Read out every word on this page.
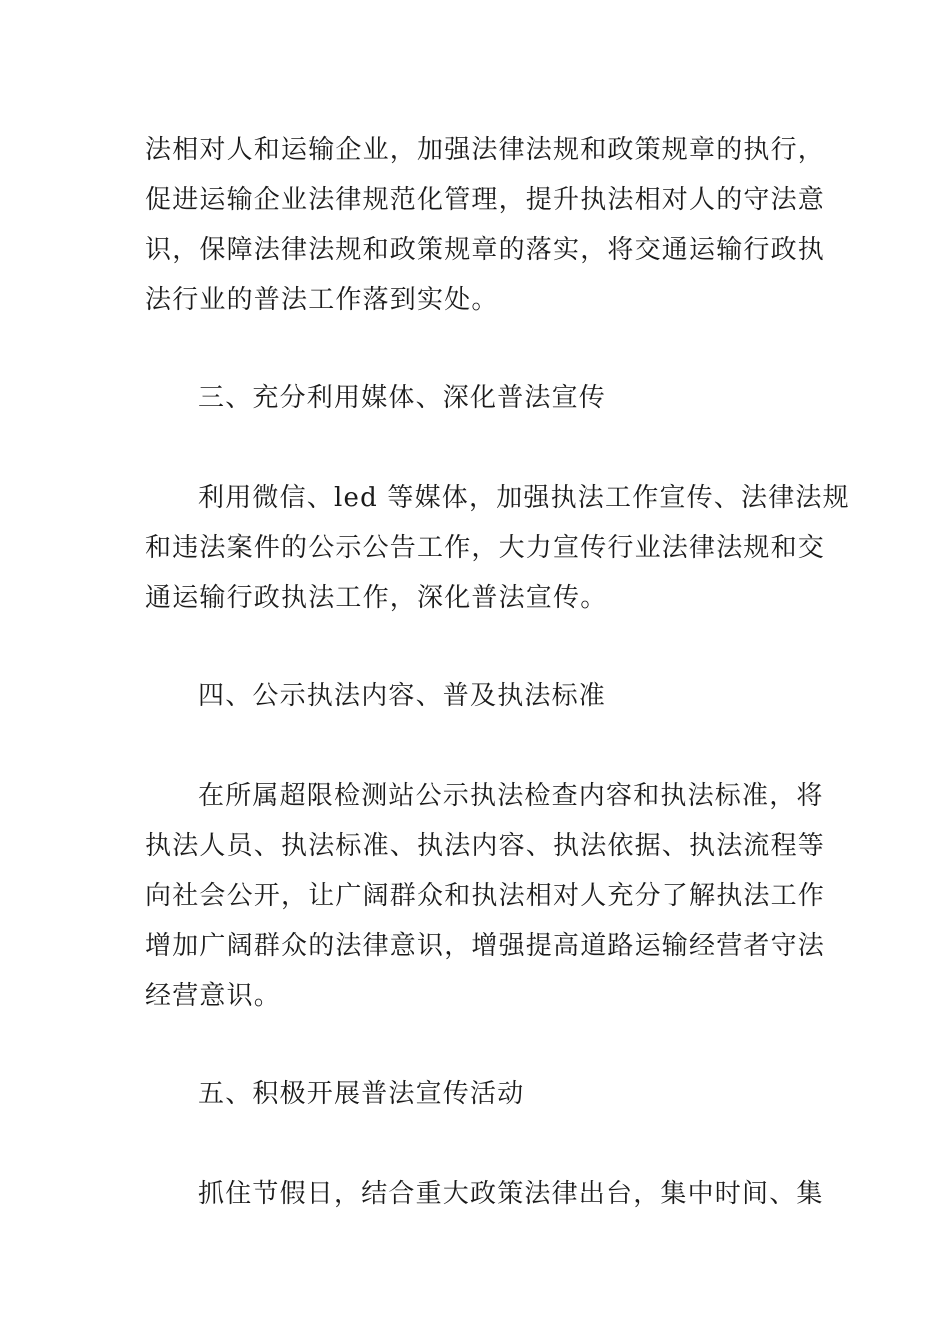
法相对人和运输企业，加强法律法规和政策规章的执行，
促进运输企业法律规范化管理，提升执法相对人的守法意
识，保障法律法规和政策规章的落实，将交通运输行政执
法行业的普法工作落到实处。
三、充分利用媒体、深化普法宣传
利用微信、led 等媒体，加强执法工作宣传、法律法规
和违法案件的公示公告工作，大力宣传行业法律法规和交
通运输行政执法工作，深化普法宣传。
四、公示执法内容、普及执法标准
在所属超限检测站公示执法检查内容和执法标准，将
执法人员、执法标准、执法内容、执法依据、执法流程等
向社会公开，让广阔群众和执法相对人充分了解执法工作
增加广阔群众的法律意识，增强提高道路运输经营者守法
经营意识。
五、积极开展普法宣传活动
抓住节假日，结合重大政策法律出台，集中时间、集
